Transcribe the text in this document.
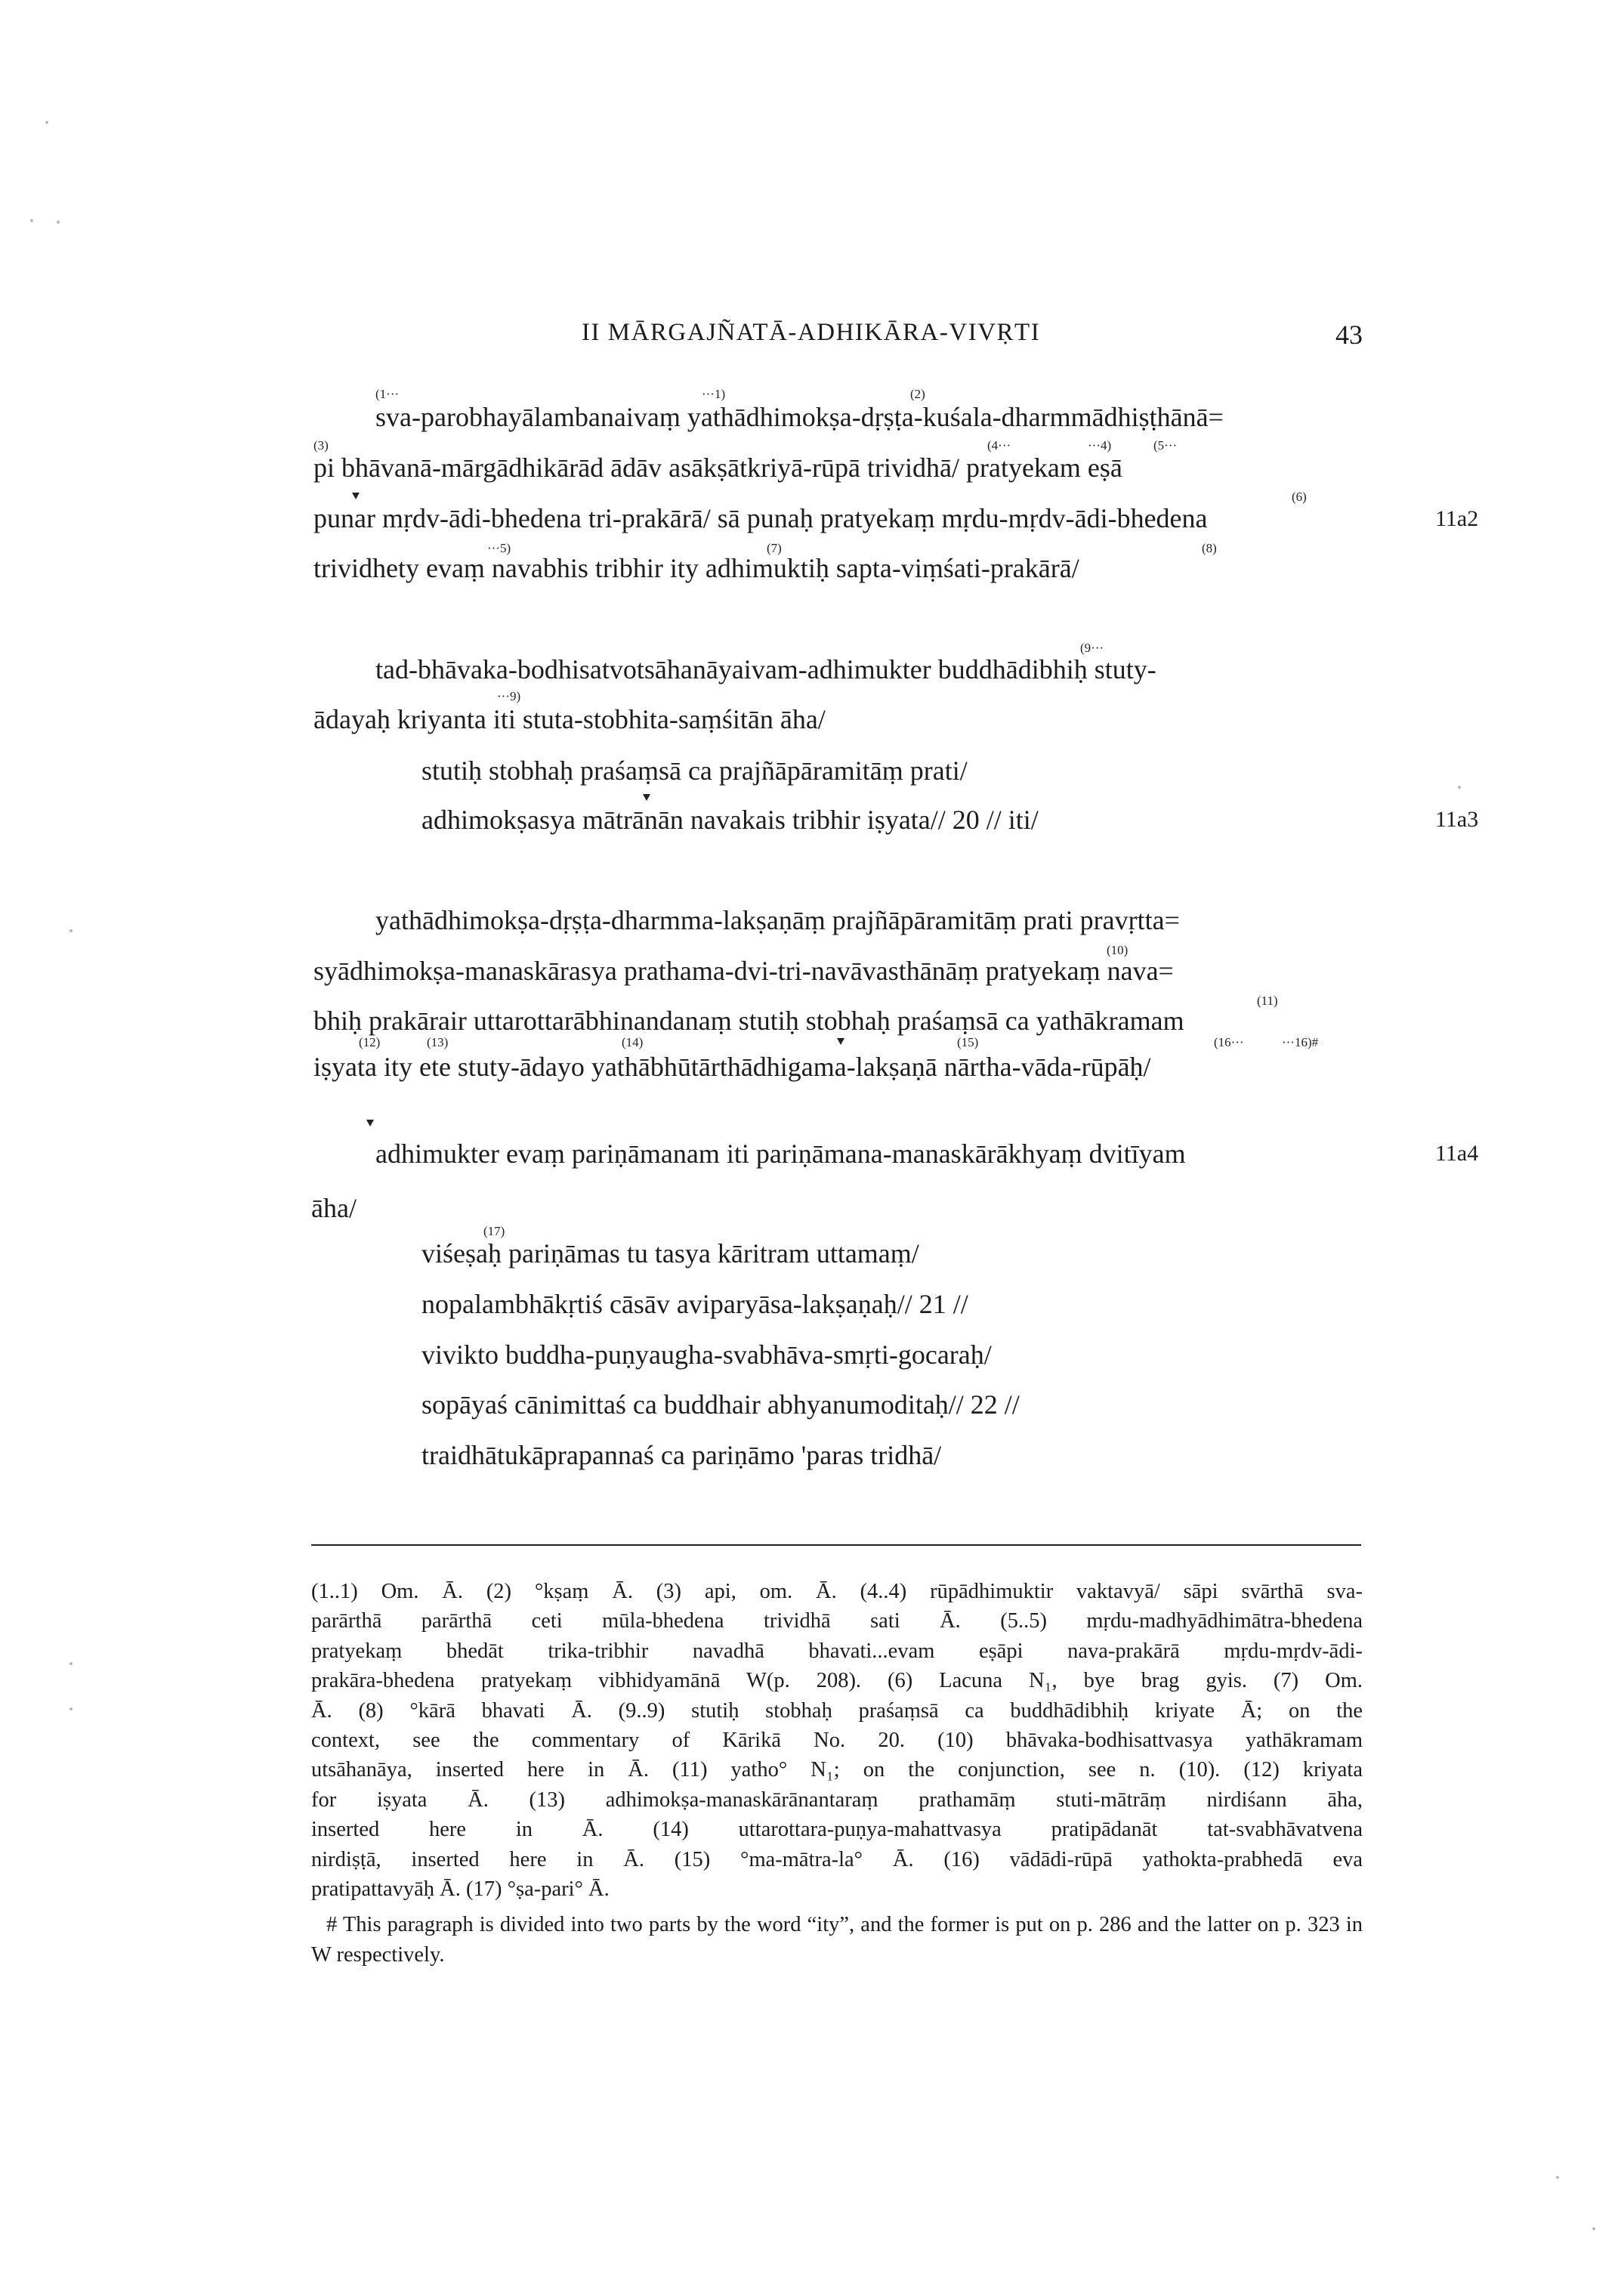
II MĀRGAJÑATĀ-ADHIKĀRA-VIVṚTI	43
(1···	···1)	(2)
sva-parobhayālambanaivaṃ yathādhimokṣa-dṛṣṭa-kuśala-dharmmādhiṣṭhānā=
(3)	(4···	···4)	(5···
pi bhāvanā-mārgādhikārād ādāv asākṣātkriyā-rūpā trividhā/ pratyekam eṣā
(6)
punar mṛdv-ādi-bhedena tri-prakārā/ sā punaḥ pratyekaṃ mṛdu-mṛdv-ādi-bhedena	11a2
···5)	(7)	(8)
trividhety evaṃ navabhis tribhir ity adhimuktiḥ sapta-viṃśati-prakārā/
(9···
tad-bhāvaka-bodhisatvotsāhanāyaivam-adhimukter buddhādibhiḥ stuty-
···9)
ādayaḥ kriyanta iti stuta-stobhita-saṃśitān āha/
stutiḥ stobhaḥ praśaṃsā ca prajñāpāramitāṃ prati/
adhimokṣasya mātrānān navakais tribhir iṣyata// 20 // iti/	11a3
yathādhimokṣa-dṛṣṭa-dharmma-lakṣaṇāṃ prajñāpāramitāṃ prati pravṛtta=
(10)
syādhimokṣa-manaskārasya prathama-dvi-tri-navāvasthānāṃ pratyekaṃ nava=
(11)
bhiḥ prakārair uttarottarābhinandanaṃ stutiḥ stobhaḥ praśaṃsā ca yathākramam
(12)	(13)	(14)	(15)	(16···	···16)#
iṣyata ity ete stuty-ādayo yathābhūtārthādhigama-lakṣaṇā nārtha-vāda-rūpāḥ/
adhimukter evaṃ pariṇāmanam iti pariṇāmana-manaskārākhyaṃ dvitīyam	11a4
āha/
(17)
viśeṣaḥ pariṇāmas tu tasya kāritram uttamaṃ/
nopalambhākṛtiś cāsāv aviparyāsa-lakṣaṇaḥ// 21 //
vivikto buddha-puṇyaugha-svabhāva-smṛti-gocaraḥ/
sopāyaś cānimittaś ca buddhair abhyanumoditaḥ// 22 //
traidhātukāprapannaś ca pariṇāmo 'paras tridhā/

(1..1) Om. Ā. (2) °kṣaṃ Ā. (3) api, om. Ā. (4..4) rūpādhimuktir vaktavyā/ sāpi svārthā sva-

parārthā parārthā ceti mūla-bhedena trividhā sati Ā. (5..5) mṛdu-madhyādhimātra-bhedena

pratyekaṃ bhedāt trika-tribhir navadhā bhavati...evam eṣāpi nava-prakārā mṛdu-mṛdv-ādi-

prakāra-bhedena pratyekaṃ vibhidyamānā W(p. 208). (6) Lacuna N₁, bye brag gyis. (7) Om.

Ā. (8) °kārā bhavati Ā. (9..9) stutiḥ stobhaḥ praśaṃsā ca buddhādibhiḥ kriyate Ā; on the

context, see the commentary of Kārikā No. 20. (10) bhāvaka-bodhisattvasya yathākramam

utsāhanāya, inserted here in Ā. (11) yatho° N₁; on the conjunction, see n. (10). (12) kriyata

for iṣyata Ā. (13) adhimokṣa-manaskārānantaraṃ prathamāṃ stuti-mātrāṃ nirdiśann āha,

inserted here in Ā. (14) uttarottara-puṇya-mahattvasya pratipādanāt tat-svabhāvatvena

nirdiṣṭā, inserted here in Ā. (15) °ma-mātra-la° Ā. (16) vādādi-rūpā yathokta-prabhedā eva

pratipattavyāḥ Ā. (17) °ṣa-pari° Ā.

# This paragraph is divided into two parts by the word “ity”, and the former is put on p. 286 and the latter on p. 323 in W respectively.
